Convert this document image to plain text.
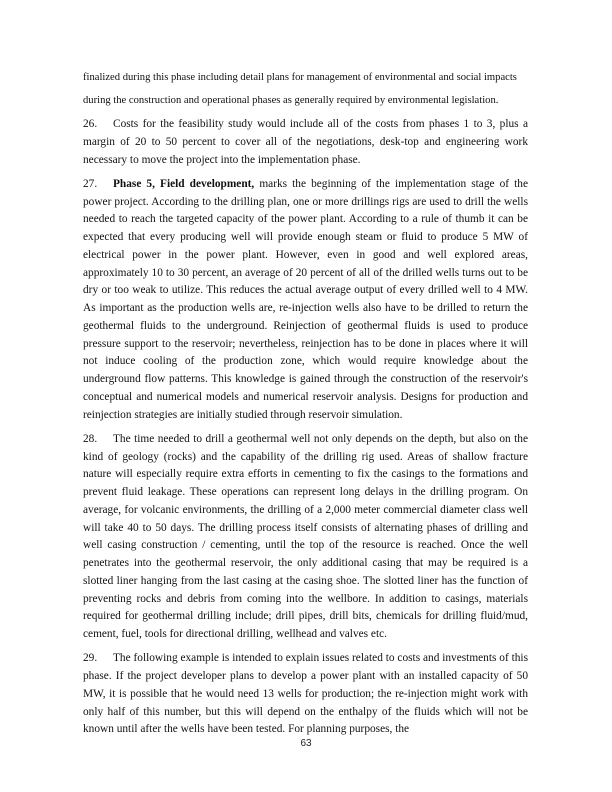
finalized during this phase including detail plans for management of environmental and social impacts during the construction and operational phases as generally required by environmental legislation.

26. Costs for the feasibility study would include all of the costs from phases 1 to 3, plus a margin of 20 to 50 percent to cover all of the negotiations, desk-top and engineering work necessary to move the project into the implementation phase.

27. Phase 5, Field development, marks the beginning of the implementation stage of the power project. According to the drilling plan, one or more drillings rigs are used to drill the wells needed to reach the targeted capacity of the power plant. According to a rule of thumb it can be expected that every producing well will provide enough steam or fluid to produce 5 MW of electrical power in the power plant. However, even in good and well explored areas, approximately 10 to 30 percent, an average of 20 percent of all of the drilled wells turns out to be dry or too weak to utilize. This reduces the actual average output of every drilled well to 4 MW. As important as the production wells are, re-injection wells also have to be drilled to return the geothermal fluids to the underground. Reinjection of geothermal fluids is used to produce pressure support to the reservoir; nevertheless, reinjection has to be done in places where it will not induce cooling of the production zone, which would require knowledge about the underground flow patterns. This knowledge is gained through the construction of the reservoir's conceptual and numerical models and numerical reservoir analysis. Designs for production and reinjection strategies are initially studied through reservoir simulation.

28. The time needed to drill a geothermal well not only depends on the depth, but also on the kind of geology (rocks) and the capability of the drilling rig used. Areas of shallow fracture nature will especially require extra efforts in cementing to fix the casings to the formations and prevent fluid leakage. These operations can represent long delays in the drilling program. On average, for volcanic environments, the drilling of a 2,000 meter commercial diameter class well will take 40 to 50 days. The drilling process itself consists of alternating phases of drilling and well casing construction / cementing, until the top of the resource is reached. Once the well penetrates into the geothermal reservoir, the only additional casing that may be required is a slotted liner hanging from the last casing at the casing shoe. The slotted liner has the function of preventing rocks and debris from coming into the wellbore. In addition to casings, materials required for geothermal drilling include; drill pipes, drill bits, chemicals for drilling fluid/mud, cement, fuel, tools for directional drilling, wellhead and valves etc.

29. The following example is intended to explain issues related to costs and investments of this phase. If the project developer plans to develop a power plant with an installed capacity of 50 MW, it is possible that he would need 13 wells for production; the re-injection might work with only half of this number, but this will depend on the enthalpy of the fluids which will not be known until after the wells have been tested. For planning purposes, the

63
